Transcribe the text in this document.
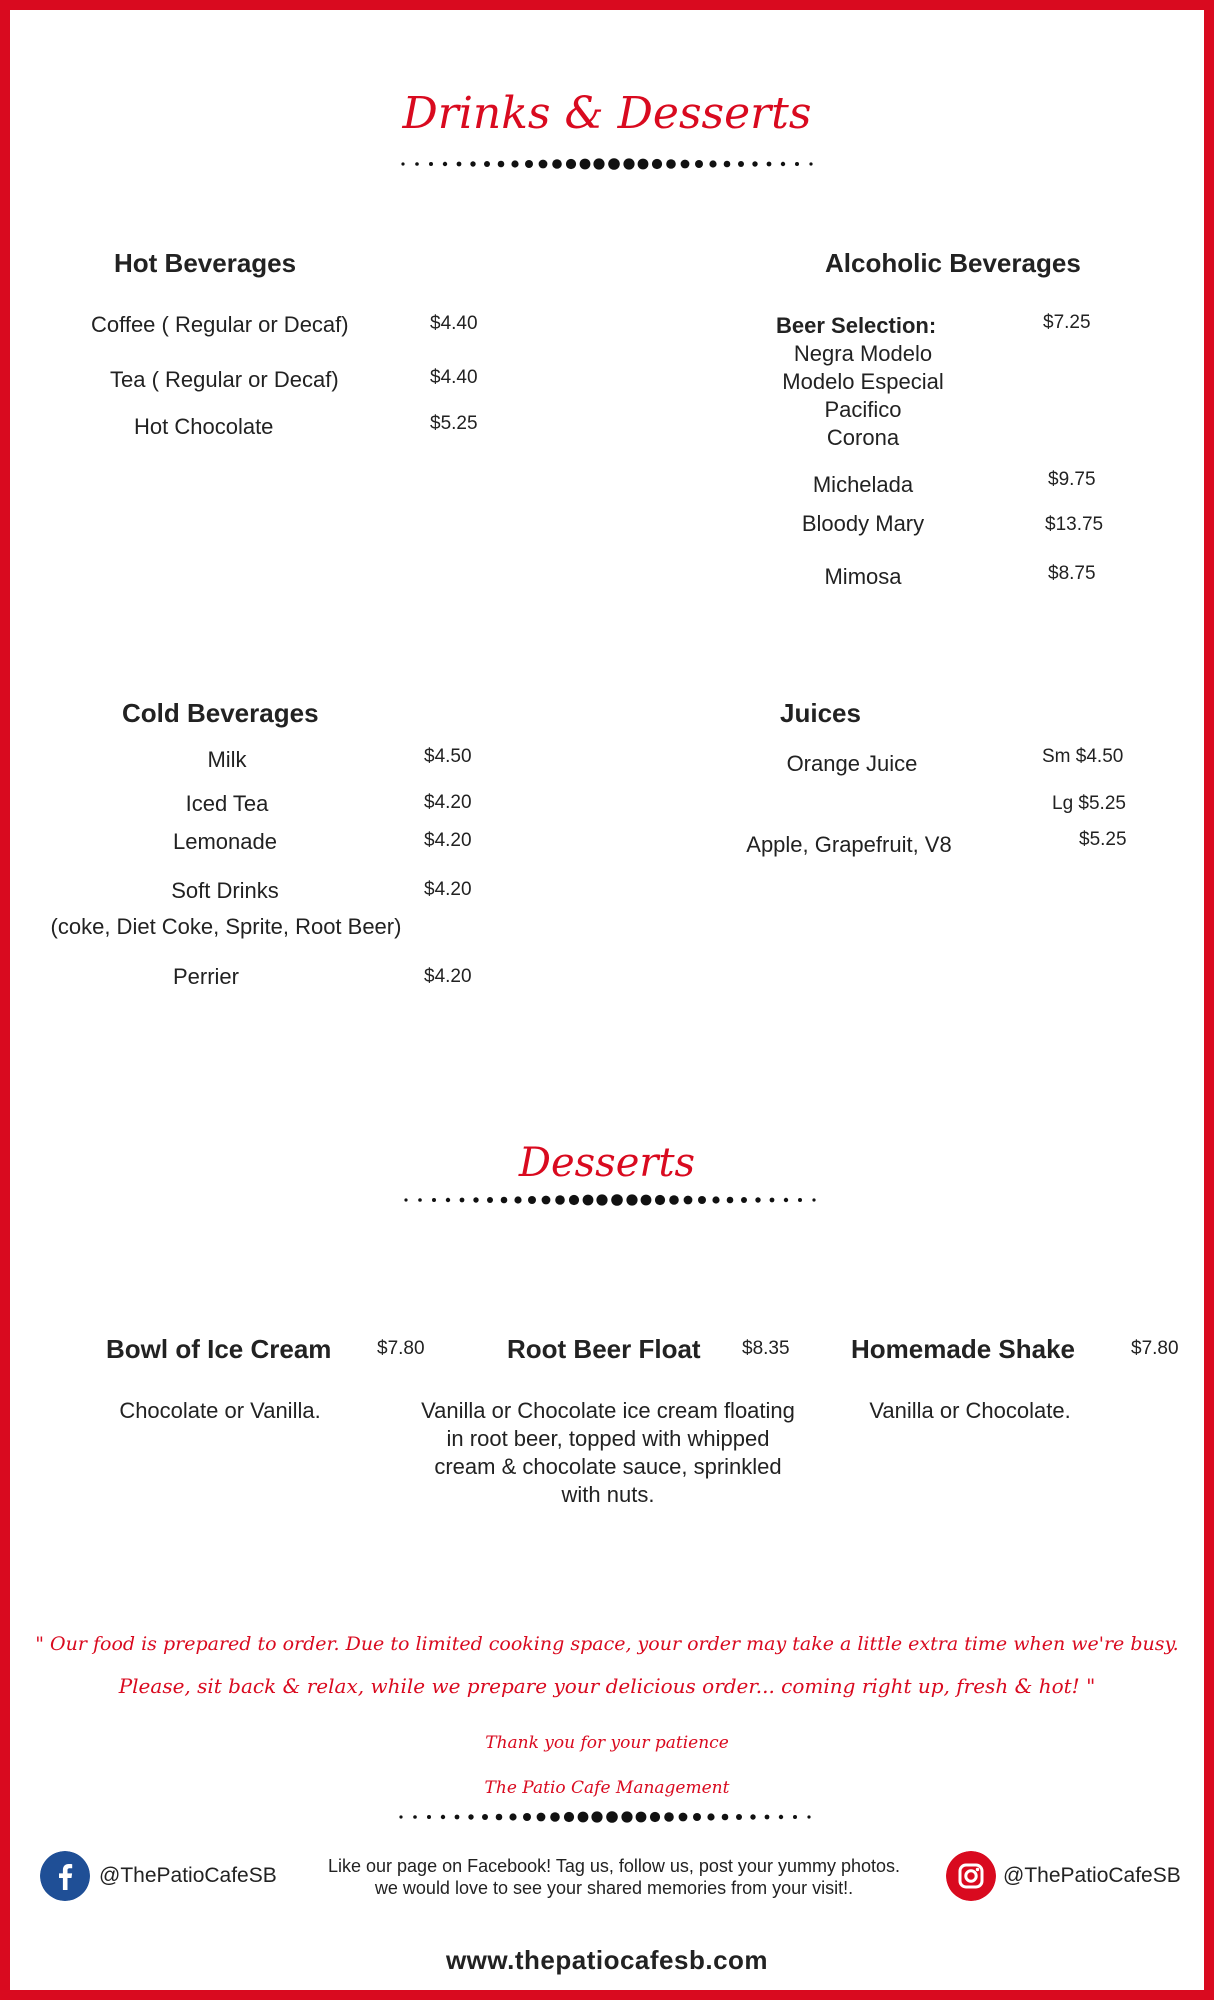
Drinks & Desserts
Hot Beverages
Coffee ( Regular or Decaf)	$4.40
Tea ( Regular or Decaf)	$4.40
Hot Chocolate	$5.25
Alcoholic Beverages
Beer Selection:	$7.25
Negra Modelo
Modelo Especial
Pacifico
Corona
Michelada	$9.75
Bloody Mary	$13.75
Mimosa	$8.75
Cold Beverages
Milk	$4.50
Iced Tea	$4.20
Lemonade	$4.20
Soft Drinks	$4.20
(coke, Diet Coke, Sprite, Root Beer)
Perrier	$4.20
Juices
Orange Juice	Sm $4.50
Lg $5.25
Apple, Grapefruit, V8	$5.25
Desserts
Bowl of Ice Cream $7.80
Chocolate or Vanilla.
Root Beer Float $8.35
Vanilla or Chocolate ice cream floating in root beer, topped with whipped cream & chocolate sauce, sprinkled with nuts.
Homemade Shake	$7.80
Vanilla or Chocolate.
" Our food is prepared to order. Due to limited cooking space, your order may take a little extra time when we're busy.
Please, sit back & relax, while we prepare your delicious order... coming right up, fresh & hot! "
Thank you for your patience
The Patio Cafe Management
@ThePatioCafeSB	Like our page on Facebook! Tag us, follow us, post your yummy photos.
we would love to see your shared memories from your visit!.
@ThePatioCafeSB
www.thepatiocafesb.com
